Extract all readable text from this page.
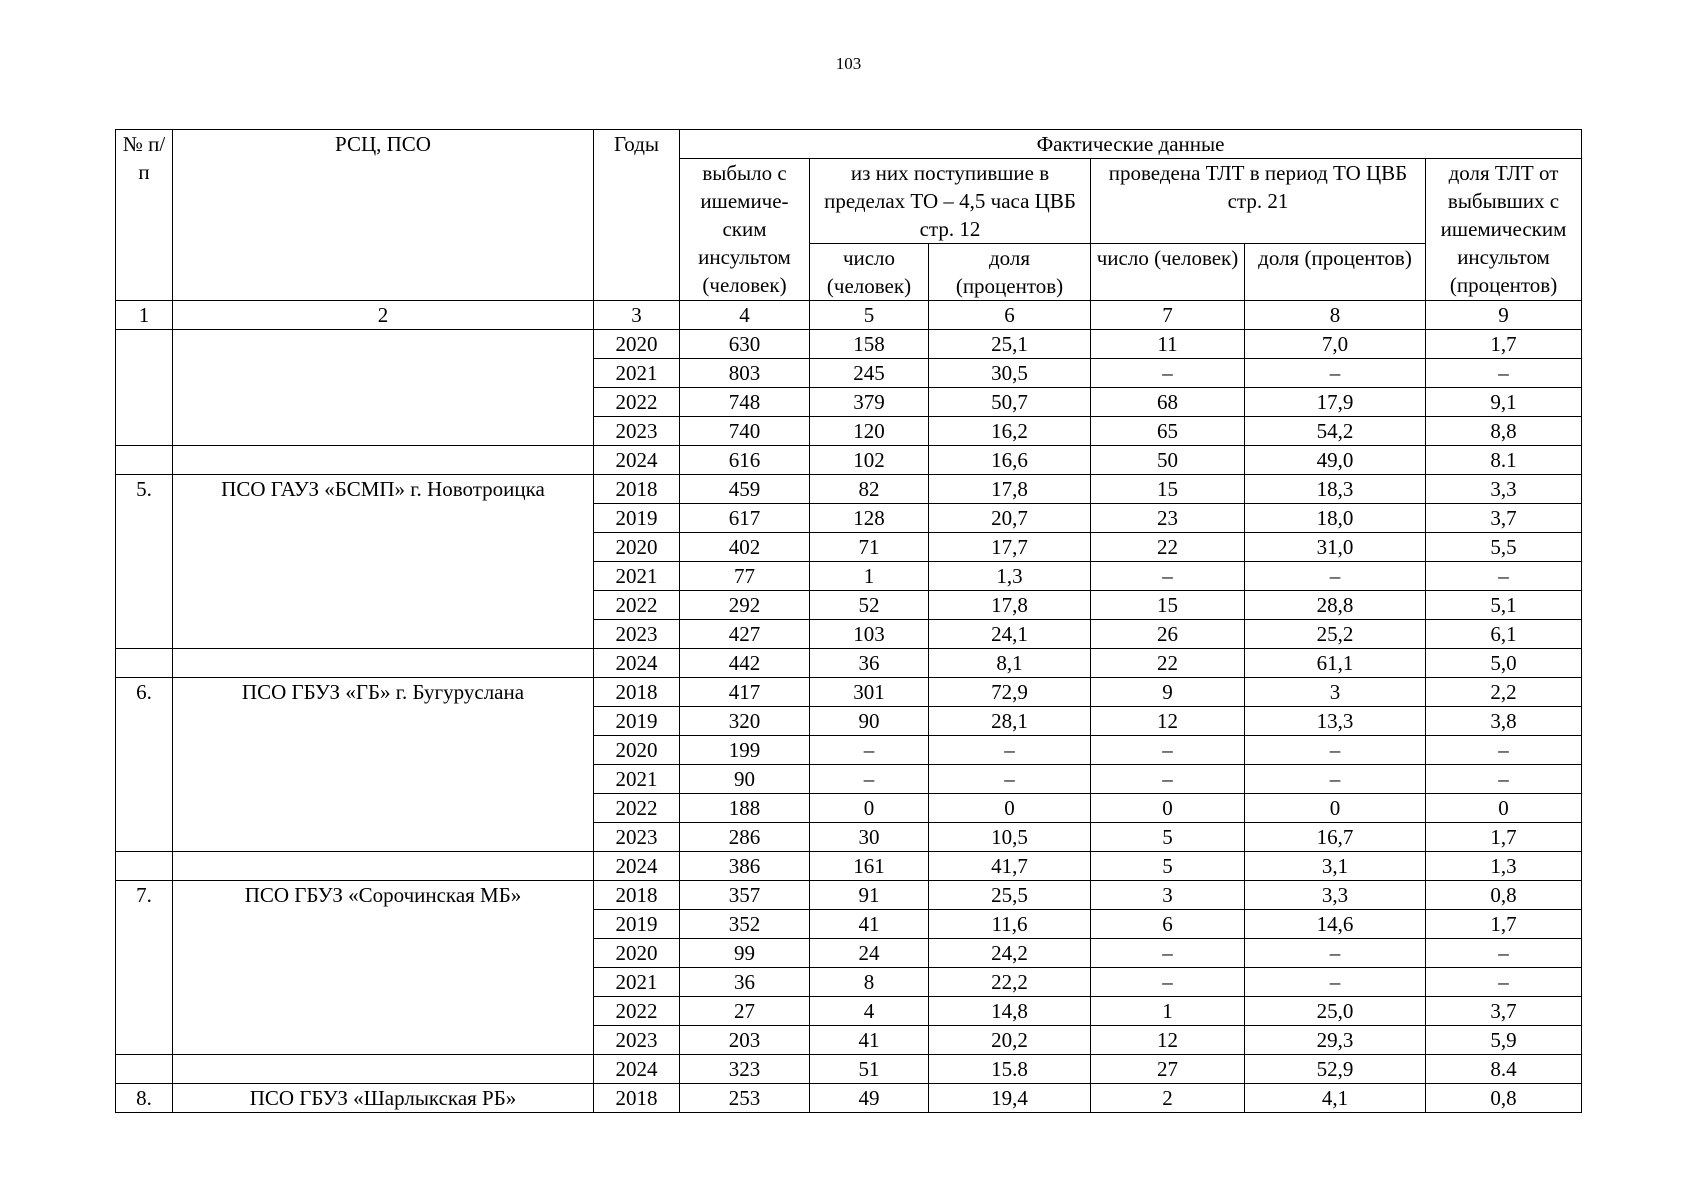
103
№ п/п	РСЦ, ПСО	Годы	Фактические данные					
			выбыло с ишемиче-ским инсультом (человек)	из них поступившие в пределах ТО – 4,5 часа ЦВБ стр. 12		проведена ТЛТ в период ТО ЦВБ стр. 21		доля ТЛТ от выбывших с ишемическим инсультом (процентов)
				число (человек)	доля (процентов)	число (человек)	доля (процентов)	
1	2	3	4	5	6	7	8	9
		2020	630	158	25,1	11	7,0	1,7
		2021	803	245	30,5	–	–	–
		2022	748	379	50,7	68	17,9	9,1
		2023	740	120	16,2	65	54,2	8,8
		2024	616	102	16,6	50	49,0	8.1
5.	ПСО ГАУЗ «БСМП» г. Новотроицка	2018	459	82	17,8	15	18,3	3,3
		2019	617	128	20,7	23	18,0	3,7
		2020	402	71	17,7	22	31,0	5,5
		2021	77	1	1,3	–	–	–
		2022	292	52	17,8	15	28,8	5,1
		2023	427	103	24,1	26	25,2	6,1
		2024	442	36	8,1	22	61,1	5,0
6.	ПСО ГБУЗ «ГБ» г. Бугуруслана	2018	417	301	72,9	9	3	2,2
		2019	320	90	28,1	12	13,3	3,8
		2020	199	–	–	–	–	–
		2021	90	–	–	–	–	–
		2022	188	0	0	0	0	0
		2023	286	30	10,5	5	16,7	1,7
		2024	386	161	41,7	5	3,1	1,3
7.	ПСО ГБУЗ «Сорочинская МБ»	2018	357	91	25,5	3	3,3	0,8
		2019	352	41	11,6	6	14,6	1,7
		2020	99	24	24,2	–	–	–
		2021	36	8	22,2	–	–	–
		2022	27	4	14,8	1	25,0	3,7
		2023	203	41	20,2	12	29,3	5,9
		2024	323	51	15.8	27	52,9	8.4
8.	ПСО ГБУЗ «Шарлыкская РБ»	2018	253	49	19,4	2	4,1	0,8
